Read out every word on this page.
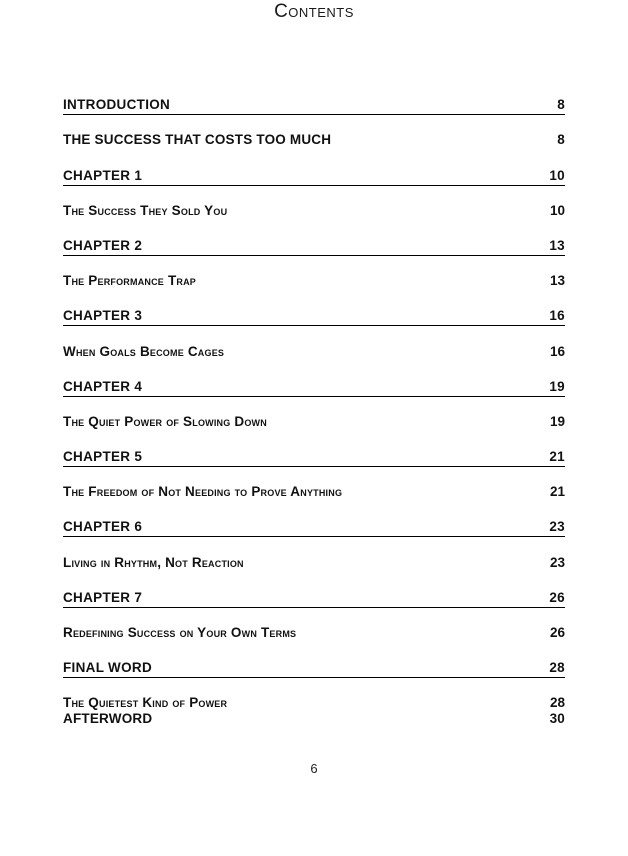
Contents
INTRODUCTION	8
THE SUCCESS THAT COSTS TOO MUCH	8
CHAPTER 1	10
The Success They Sold You	10
CHAPTER 2	13
The Performance Trap	13
CHAPTER 3	16
When Goals Become Cages	16
CHAPTER 4	19
The Quiet Power of Slowing Down	19
CHAPTER 5	21
The Freedom of Not Needing to Prove Anything	21
CHAPTER 6	23
Living in Rhythm, Not Reaction	23
CHAPTER 7	26
Redefining Success on Your Own Terms	26
FINAL WORD	28
The Quietest Kind of Power	28
AFTERWORD	30
6
